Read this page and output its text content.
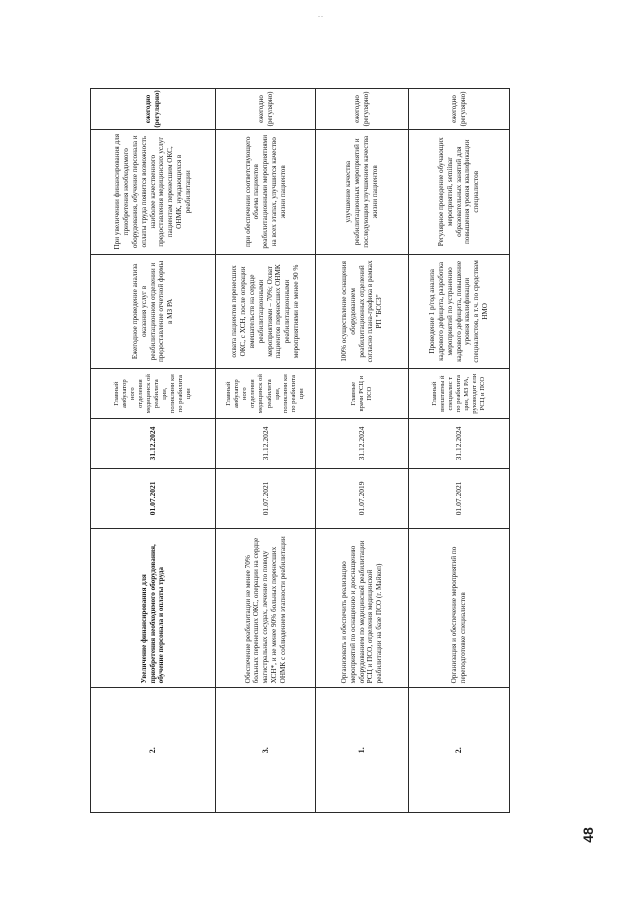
..
2.
Увеличение финансирования для приобретения необходимого оборудования, обучение персонала и оплаты труда
01.07.2021
31.12.2024
Главный амбулатор ного отделения медицинск ой реабилита ции, поликлини ки по реабилита ции
Ежегодное проведение анализа оказания услуг в реабилитационном отделении и предоставление отчетной формы в МЗ РА
При увеличении финансирования для приобретения необходимого оборудования, обучение персонала и оплаты труда появится возможность наиболее качественного предоставления медицинских услуг пациентам перенесшим ОКС, ОНМК, нуждающихся в реабилитации
ежегодно (регулярно)
3.
Обеспечение реабилитации не менее 70% больных перенесших ОКС, операции на сердце магистральных сосудах, лечение по поводу ХСН*, и не менее 90% больных перенесших ОНМК с соблюдением этапности реабилитации
01.07.2021
31.12.2024
Главный амбулатор ного отделения медицинск ой реабилита ции, поликлини ки по реабилита ции
охвата пациентов перенесших ОКС, с ХСН, после операции вмешательств на сердце реабилитационными мероприятиями – 70%; Охват пациентов перенесших ОНМК реабилитационными мероприятиями не менее 90 %
при обеспечении соответствующего объема пациентов реабилитационными мероприятиями на всех этапах, улучшится качество жизни пациентов
ежегодно (регулярно)
1.
Организовать и обеспечить реализацию мероприятий по оснащению и дооснащению оборудованием по медицинской реабилитации РСЦ и ПСО, отделения медицинской реабилитации на базе ПСО (г. Майкоп)
01.07.2019
31.12.2024
Главные врачи РСЦ и ПСО
100% осуществление оснащения оборудованием реабилитационных отделений согласно плана-графика в рамках РП "БССЗ"
улучшение качества реабилитационных мероприятий и последующим улучшением качества жизни пациентов
ежегодно (регулярно)
2.
Организация и обеспечение мероприятий по переподготовке специалистов
01.07.2021
31.12.2024
Главный внештатны й специалис т по реабилита ции, МЗ РА, руководит ели РСЦ и ПСО
Проведение 1 р/год анализа кадрового дефицита, разработка мероприятий по устранению кадрового дефицита, повышение уровня квалификации специалистов, в т.ч. по средствам НМО
Регулярное проведение обучающих мероприятий, semiinar образовательных занятий для повышения уровня квалификации специалистов
ежегодно (регулярно)
48
